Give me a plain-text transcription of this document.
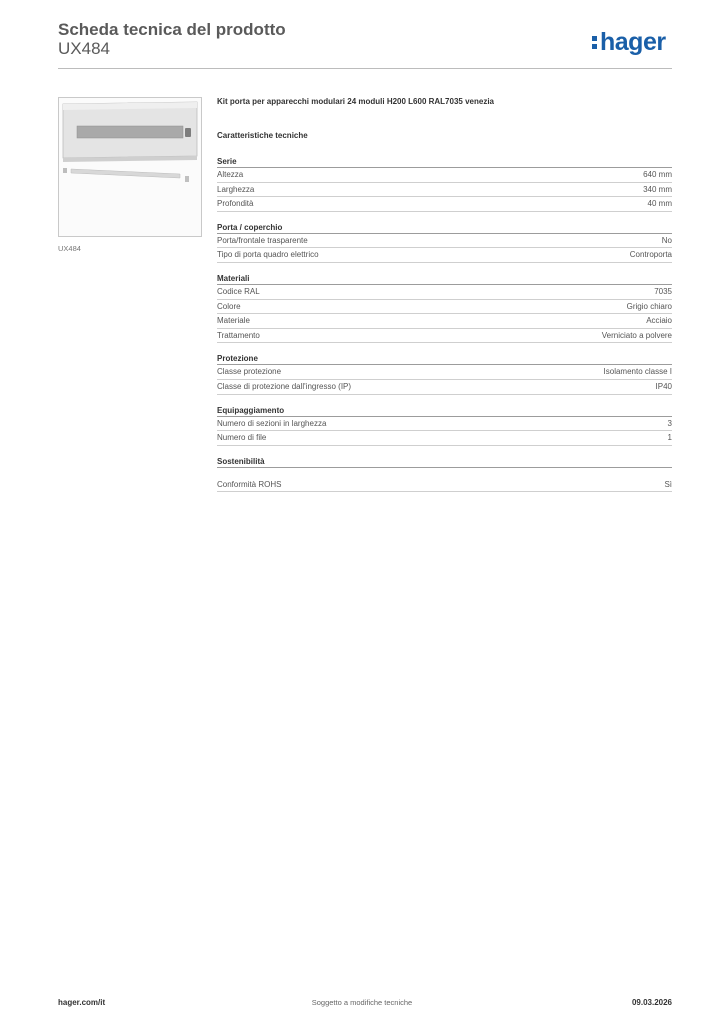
Scheda tecnica del prodotto
UX484	hager
UX484
Kit porta per apparecchi modulari 24 moduli H200 L600 RAL7035 venezia
Caratteristiche tecniche
Serie
Altezza	640 mm
Larghezza	340 mm
Profondità	40 mm
Porta / coperchio
Porta/frontale trasparente	No
Tipo di porta quadro elettrico	Controporta
Materiali
Codice RAL	7035
Colore	Grigio chiaro
Materiale	Acciaio
Trattamento	Verniciato a polvere
Protezione
Classe protezione	Isolamento classe I
Classe di protezione dall'ingresso (IP)	IP40
Equipaggiamento
Numero di sezioni in larghezza	3
Numero di file	1
Sostenibilità
Conformità ROHS	Sì
Soggetto a modifiche tecniche
hager.com/it	09.03.2026
